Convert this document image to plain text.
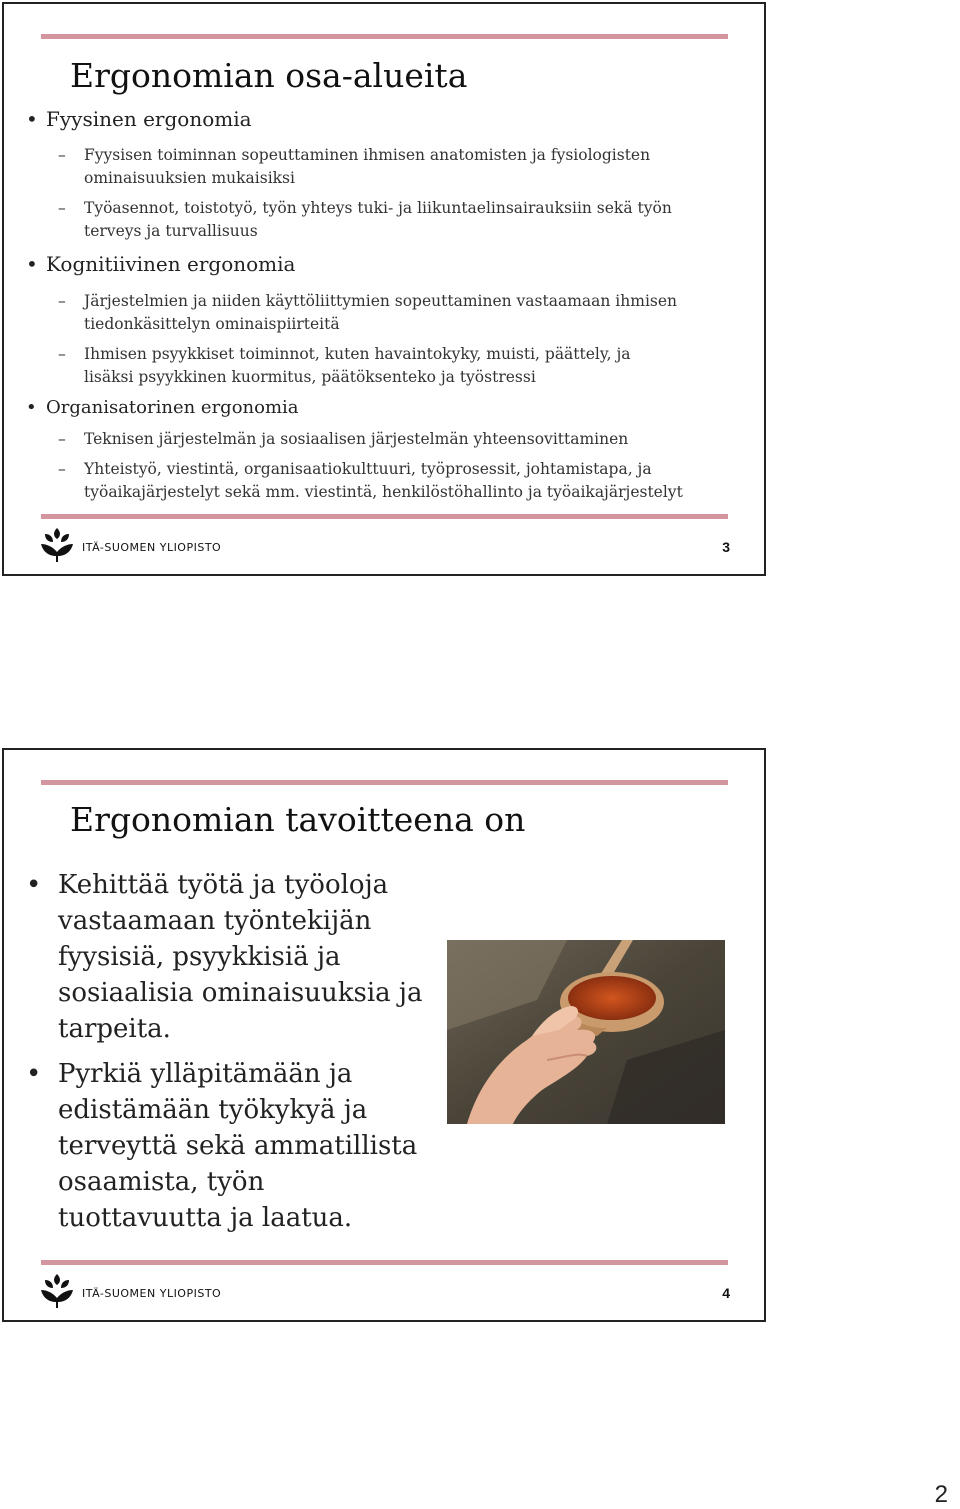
Ergonomian osa-alueita
• Fyysinen ergonomia
– Fyysisen toiminnan sopeuttaminen ihmisen anatomisten ja fysiologisten
ominaisuuksien mukaisiksi
– Työasennot, toistotyö, työn yhteys tuki- ja liikuntaelinsairauksiin sekä työn
terveys ja turvallisuus
• Kognitiivinen ergonomia
– Järjestelmien ja niiden käyttöliittymien sopeuttaminen vastaamaan ihmisen
tiedonkäsittelyn ominaispiirteitä
– Ihmisen psyykkiset toiminnot, kuten havaintokyky, muisti, päättely, ja
lisäksi psyykkinen kuormitus, päätöksenteko ja työstressi
• Organisatorinen ergonomia
– Teknisen järjestelmän ja sosiaalisen järjestelmän yhteensovittaminen
– Yhteistyö, viestintä, organisaatiokulttuuri, työprosessit, johtamistapa, ja
työaikajärjestelyt sekä mm. viestintä, henkilöstöhallinto ja työaikajärjestelyt
ITÄ-SUOMEN YLIOPISTO	3
Ergonomian tavoitteena on
• Kehittää työtä ja työoloja
vastaamaan työntekijän
fyysisiä, psyykkisiä ja
sosiaalisia ominaisuuksia ja
tarpeita.
• Pyrkiä ylläpitämään ja
edistämään työkykyä ja
terveyttä sekä ammatillista
osaamista, työn
tuottavuutta ja laatua.
ITÄ-SUOMEN YLIOPISTO	4
2
